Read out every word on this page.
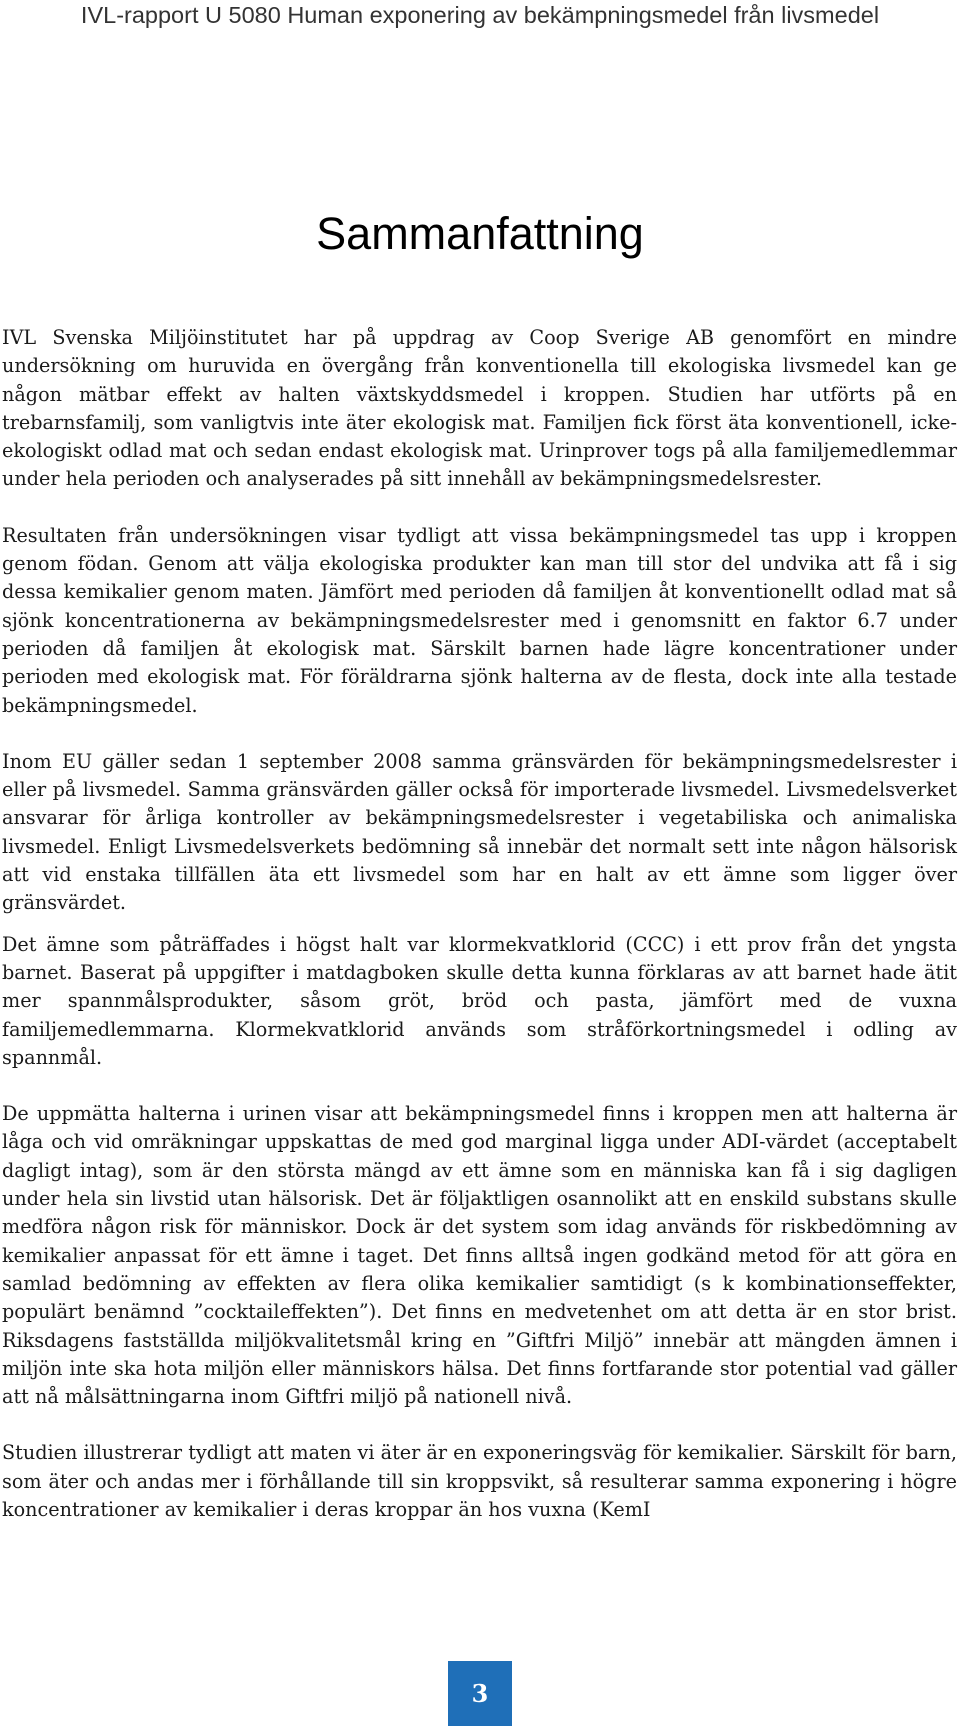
IVL-rapport U 5080 Human exponering av bekämpningsmedel från livsmedel
Sammanfattning

IVL Svenska Miljöinstitutet har på uppdrag av Coop Sverige AB genomfört en mindre undersökning om huruvida en övergång från konventionella till ekologiska livsmedel kan ge någon mätbar effekt av halten växtskyddsmedel i kroppen. Studien har utförts på en trebarnsfamilj, som vanligtvis inte äter ekologisk mat. Familjen fick först äta konventionell, icke-ekologiskt odlad mat och sedan endast ekologisk mat. Urinprover togs på alla familjemedlemmar under hela perioden och analyserades på sitt innehåll av bekämpningsmedelsrester.

Resultaten från undersökningen visar tydligt att vissa bekämpningsmedel tas upp i kroppen genom födan. Genom att välja ekologiska produkter kan man till stor del undvika att få i sig dessa kemikalier genom maten. Jämfört med perioden då familjen åt konventionellt odlad mat så sjönk koncentrationerna av bekämpningsmedelsrester med i genomsnitt en faktor 6.7 under perioden då familjen åt ekologisk mat. Särskilt barnen hade lägre koncentrationer under perioden med ekologisk mat. För föräldrarna sjönk halterna av de flesta, dock inte alla testade bekämpningsmedel.

Inom EU gäller sedan 1 september 2008 samma gränsvärden för bekämpningsmedelsrester i eller på livsmedel. Samma gränsvärden gäller också för importerade livsmedel. Livsmedelsverket ansvarar för årliga kontroller av bekämpningsmedelsrester i vegetabiliska och animaliska livsmedel. Enligt Livsmedelsverkets bedömning så innebär det normalt sett inte någon hälsorisk att vid enstaka tillfällen äta ett livsmedel som har en halt av ett ämne som ligger över gränsvärdet.

Det ämne som påträffades i högst halt var klormekvatklorid (CCC) i ett prov från det yngsta barnet. Baserat på uppgifter i matdagboken skulle detta kunna förklaras av att barnet hade ätit mer spannmålsprodukter, såsom gröt, bröd och pasta, jämfört med de vuxna familjemedlemmarna. Klormekvatklorid används som stråförkortningsmedel i odling av spannmål.

De uppmätta halterna i urinen visar att bekämpningsmedel finns i kroppen men att halterna är låga och vid omräkningar uppskattas de med god marginal ligga under ADI-värdet (acceptabelt dagligt intag), som är den största mängd av ett ämne som en människa kan få i sig dagligen under hela sin livstid utan hälsorisk. Det är följaktligen osannolikt att en enskild substans skulle medföra någon risk för människor. Dock är det system som idag används för riskbedömning av kemikalier anpassat för ett ämne i taget. Det finns alltså ingen godkänd metod för att göra en samlad bedömning av effekten av flera olika kemikalier samtidigt (s k kombinationseffekter, populärt benämnd ”cocktaileffekten”). Det finns en medvetenhet om att detta är en stor brist. Riksdagens fastställda miljökvalitetsmål kring en ”Giftfri Miljö” innebär att mängden ämnen i miljön inte ska hota miljön eller människors hälsa. Det finns fortfarande stor potential vad gäller att nå målsättningarna inom Giftfri miljö på nationell nivå.

Studien illustrerar tydligt att maten vi äter är en exponeringsväg för kemikalier. Särskilt för barn, som äter och andas mer i förhållande till sin kroppsvikt, så resulterar samma exponering i högre koncentrationer av kemikalier i deras kroppar än hos vuxna (KemI

3
